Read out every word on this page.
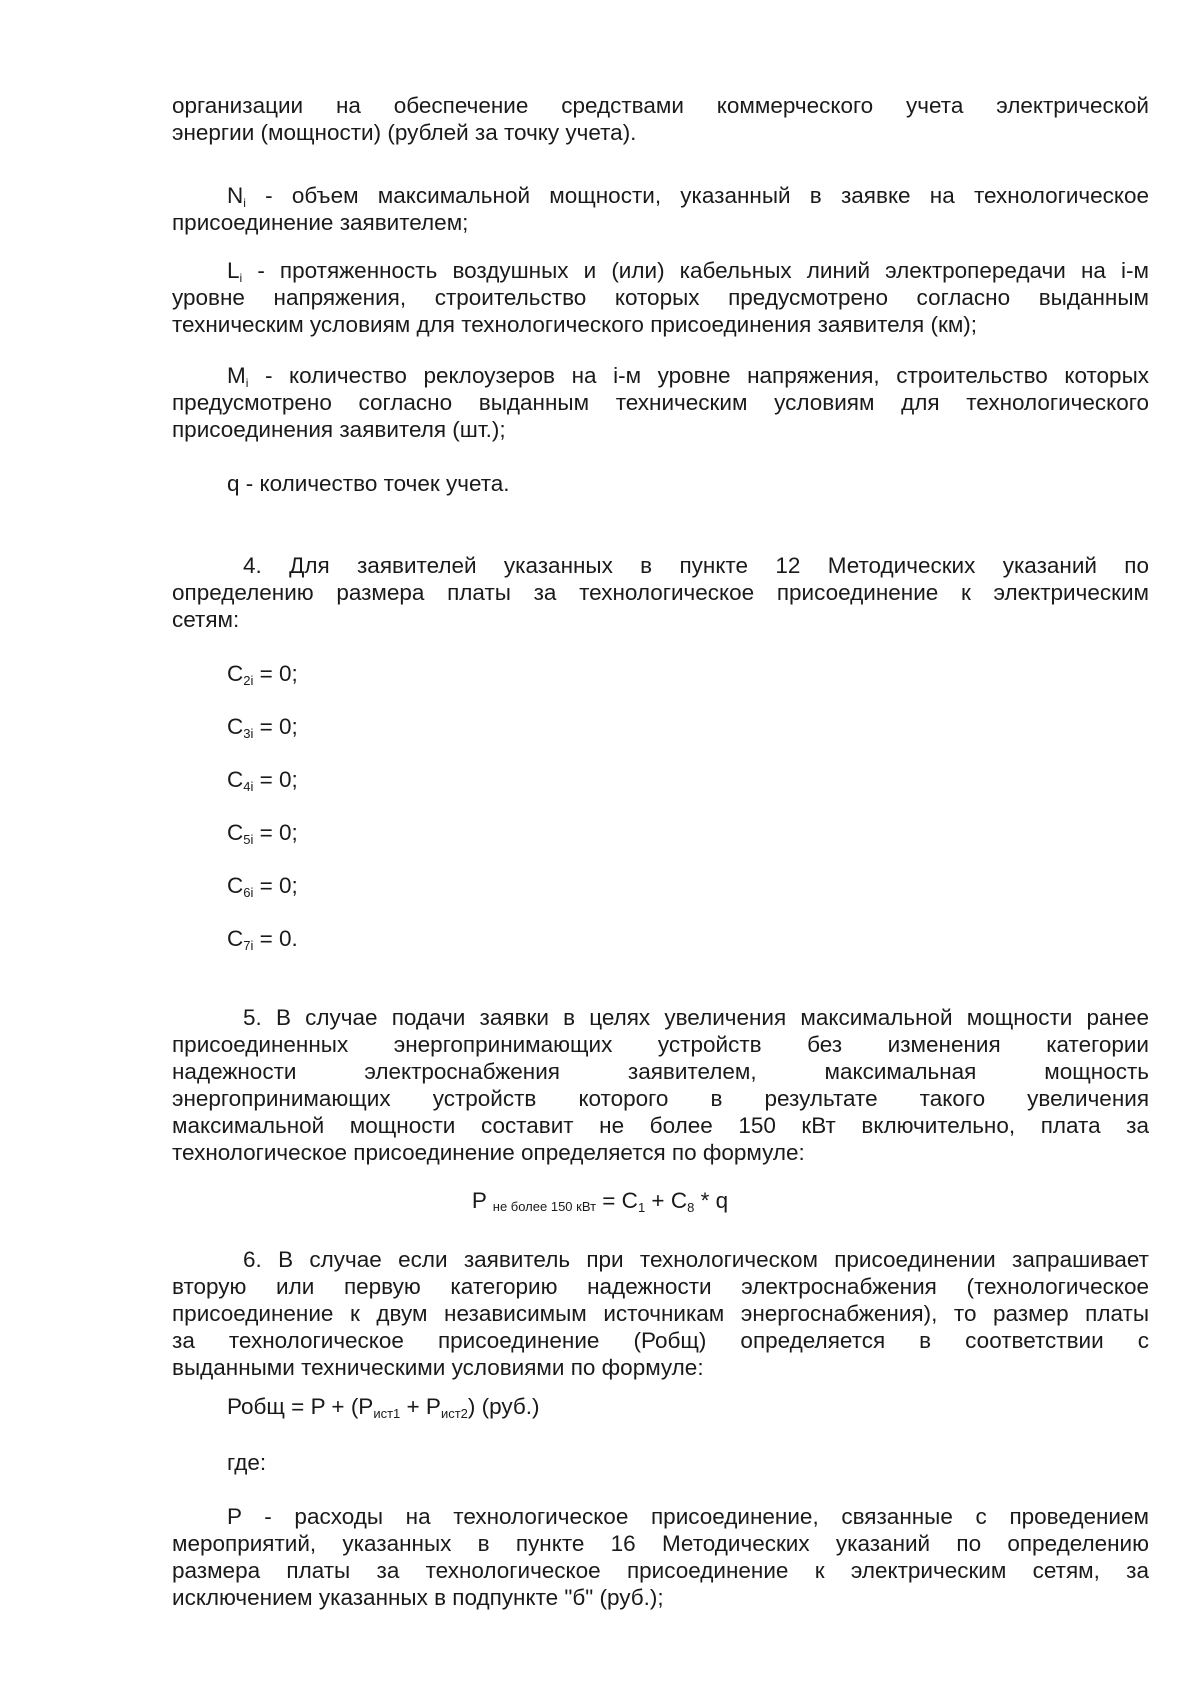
организации на обеспечение средствами коммерческого учета электрической
энергии (мощности) (рублей за точку учета).
$N_i$ - объем максимальной мощности, указанный в заявке на технологическое
присоединение заявителем;
$L_i$ - протяженность воздушных и (или) кабельных линий электропередачи на i-м
уровне напряжения, строительство которых предусмотрено согласно выданным
техническим условиям для технологического присоединения заявителя (км);
$M_i$ - количество реклоузеров на i-м уровне напряжения, строительство которых
предусмотрено согласно выданным техническим условиям для технологического
присоединения заявителя (шт.);
q - количество точек учета.
4. Для заявителей указанных в пункте 12 Методических указаний по
определению размера платы за технологическое присоединение к электрическим
сетям:
$C_{2i} = 0$;
$C_{3i} = 0$;
$C_{4i} = 0$;
$C_{5i} = 0$;
$C_{6i} = 0$;
$C_{7i} = 0$.
5. В случае подачи заявки в целях увеличения максимальной мощности ранее
присоединенных энергопринимающих устройств без изменения категории
надежности электроснабжения заявителем, максимальная мощность
энергопринимающих устройств которого в результате такого увеличения
максимальной мощности составит не более 150 кВт включительно, плата за
технологическое присоединение определяется по формуле:
P $_{не более 150 кВт} = C_1 + C_8 * q$
6. В случае если заявитель при технологическом присоединении запрашивает
вторую или первую категорию надежности электроснабжения (технологическое
присоединение к двум независимым источникам энергоснабжения), то размер платы
за технологическое присоединение (Робщ) определяется в соответствии с
выданными техническими условиями по формуле:
Робщ = $P + (P_{ист1} + P_{ист2})$ (руб.)
где:
P - расходы на технологическое присоединение, связанные с проведением
мероприятий, указанных в пункте 16 Методических указаний по определению
размера платы за технологическое присоединение к электрическим сетям, за
исключением указанных в подпункте "б" (руб.);
